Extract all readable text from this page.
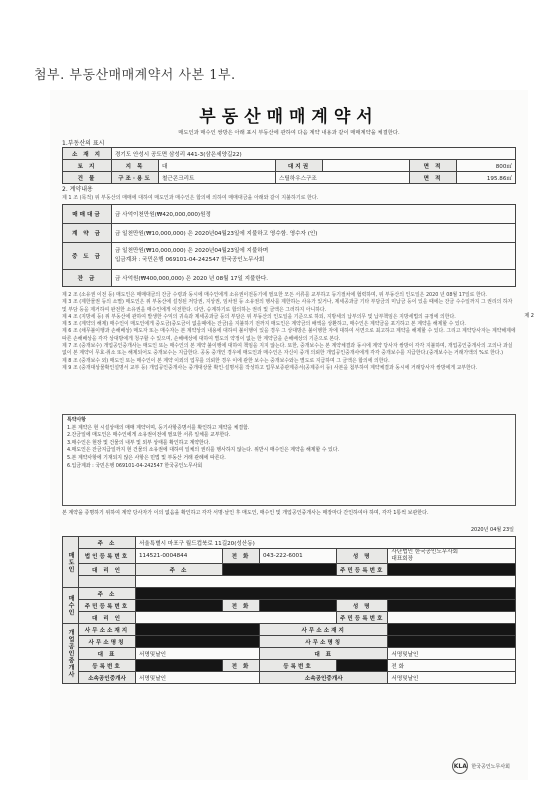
첨부. 부동산매매계약서 사본 1부.
부동산매매계약서
매도인과 매수인 쌍방은 아래 표시 부동산에 관하여 다음 계약 내용과 같이 매매계약을 체결한다.
1.부동산의 표시
소 재 지	경기도 안성시 공도면 삼성리 441-3(삼은세양길22)					
토 지	지 목	대	대지권		면 적	800㎡
건 물	구조·용도	철근콘크리트	스틸하우스구조		면 적	195.86㎡
2. 계약내용
제 1 조 (목적) 위 부동산의 매매에 대하여 매도인과 매수인은 합의에 의하여 매매대금을 아래와 같이 지불하기로 한다.
매매대금	금 사억이천만원(₩420,000,000)원정
계 약 금	금 일천만원(₩10,000,000) 은 2020년04월23일에 지불하고 영수함. 영수자 (인)
중 도 금	금 일천만원(₩10,000,000) 은 2020년04월23일에 지불하며
입금계좌 : 국민은행 069101-04-242547 한국공인노무사회

잔 금	금 사억원(₩400,000,000) 은 2020 년 08월 17일 지불한다.
제 2

제 2 조 (소유권 이전 등) 매도인은 매매대금의 잔금 수령과 동시에 매수인에게 소유권이전등기에 필요한 모든 서류를 교부하고 등기절차에 협력하며, 위 부동산의 인도일은 2020 년 08월 17일로 한다.

제 3 조 (제한물권 등의 소멸) 매도인은 위 부동산에 설정된 저당권, 지상권, 임차권 등 소유권의 행사를 제한하는 사유가 있거나, 제세공과금 기타 부담금의 미납금 등이 있을 때에는 잔금 수수일까지 그 권리의 하자 및 부담 등을 제거하여 완전한 소유권을 매수인에게 이전한다. 다만, 승계하기로 합의하는 권리 및 금액은 그러하지 아니하다.

제 4 조 (지방세 등) 위 부동산에 관하여 발생한 수익의 귀속과 제세공과금 등의 부담은 위 부동산의 인도일을 기준으로 하되, 지방세의 납부의무 및 납부책임은 지방세법의 규정에 의한다.

제 5 조 (계약의 해제) 매수인이 매도인에게 중도금(중도금이 없을때에는 잔금)을 지불하기 전까지 매도인은 계약금의 배액을 상환하고, 매수인은 계약금을 포기하고 본 계약을 해제할 수 있다.

제 6 조 (채무불이행과 손해배상) 매도자 또는 매수자는 본 계약상의 내용에 대하여 불이행이 있을 경우 그 상대방은 불이행한 자에 대하여 서면으로 최고하고 계약을 해제할 수 있다. 그리고 계약당사자는 계약해제에 따른 손해배상을 각각 상대방에게 청구할 수 있으며, 손해배상에 대하여 별도의 약정이 없는 한 계약금을 손해배상의 기준으로 본다.

제 7 조 (중개보수) 개업공인중개사는 매도인 또는 매수인의 본 계약 불이행에 대하여 책임을 지지 않는다. 또한, 중개보수는 본 계약체결과 동시에 계약 당사자 쌍방이 각각 지불하며, 개업공인중개사의 고의나 과실없이 본 계약이 무효·취소 또는 해제되어도 중개보수는 지급한다. 공동 중개인 경우에 매도인과 매수인은 자신이 중개 의뢰한 개업공인중개사에게 각각 중개보수를 지급한다.(중개보수는 거래가액의 %로 한다.)

제 8 조 (중개보수 외) 매도인 또는 매수인이 본 계약 이외의 업무를 의뢰한 경우 이에 관한 보수는 중개보수와는 별도로 지급하며 그 금액은 합의에 의한다.

제 9 조 (중개대상물확인설명서 교부 등) 개업공인중개사는 중개대상물 확인·설명서를 작성하고 업무보증관계증서(공제증서 등) 사본을 첨부하여 계약체결과 동시에 거래당사자 쌍방에게 교부한다.

특약사항
1.본 계약은 현 시설상태의 매매 계약이며, 등기사항증명서를 확인하고 계약을 체결함.
2.잔금일에 매도인은 매수인에게 소유권이전에 필요한 서류 일체를 교부한다.
3.매수인은 현장 및 건물의 내부 및 외부 상태를 확인하고 계약한다.
4.매도인은 잔금지급일까지 현 건물의 소유권에 대하여 일체의 권리를 행사하지 않는다. 위반시 매수인은 계약을 해제할 수 있다.
5.본 계약사항에 기재되지 않은 사항은 민법 및 부동산 거래 관례에 따른다.
6.입금계좌 : 국민은행 069101-04-242547 한국공인노무사회
본 계약을 증명하기 위하여 계약 당사자가 이의 없음을 확인하고 각각 서명·날인 후 매도인, 매수인 및 개업공인중개사는 매장마다 간인하여야 하며, 각각 1통씩 보관한다.
2020년 04월 23일
매도인	주 소	서울특별시 마포구 월드컵북로 11길20(성산동)				
	법인등록번호	114521-0004844	전 화	043-222-6001	성 명	사단법인 한국공인노무사회
대표회장

	대 리 인	주 소			주민등록번호	

매수인	주 소					
	주민등록번호		전 화		성 명	
	대 리 인				주민등록번호	
개업공인중개사	사무소소재지			사무소소재지		
	사무소명칭			사무소명칭		
	대 표	서명및날인		대 표		서명및날인
	등록번호		전 화	등록번호		전 화
	소속공인중개사	서명및날인		소속공인중개사		서명및날인
KLA 한국공인노무사회
